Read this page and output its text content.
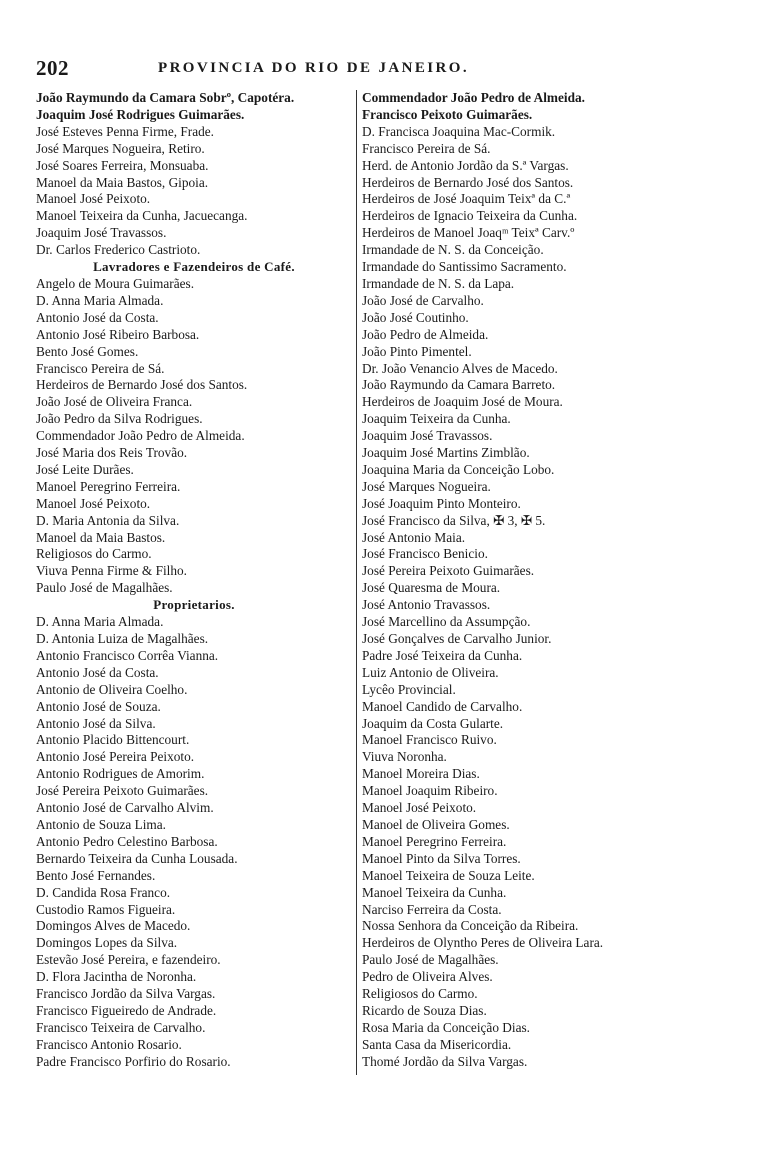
202	PROVINCIA DO RIO DE JANEIRO.
João Raymundo da Camara Sobrº, Capotéra.
Joaquim José Rodrigues Guimarães.
José Esteves Penna Firme, Frade.
José Marques Nogueira, Retiro.
José Soares Ferreira, Monsuaba.
Manoel da Maia Bastos, Gipoia.
Manoel José Peixoto.
Manoel Teixeira da Cunha, Jacuecanga.
Joaquim José Travassos.
Dr. Carlos Frederico Castrioto.
Lavradores e Fazendeiros de Café.
Angelo de Moura Guimarães.
D. Anna Maria Almada.
Antonio José da Costa.
Antonio José Ribeiro Barbosa.
Bento José Gomes.
Francisco Pereira de Sá.
Herdeiros de Bernardo José dos Santos.
João José de Oliveira Franca.
João Pedro da Silva Rodrigues.
Commendador João Pedro de Almeida.
José Maria dos Reis Trovão.
José Leite Durães.
Manoel Peregrino Ferreira.
Manoel José Peixoto.
D. Maria Antonia da Silva.
Manoel da Maia Bastos.
Religiosos do Carmo.
Viuva Penna Firme & Filho.
Paulo José de Magalhães.
Proprietarios.
D. Anna Maria Almada.
D. Antonia Luiza de Magalhães.
Antonio Francisco Corrêa Vianna.
Antonio José da Costa.
Antonio de Oliveira Coelho.
Antonio José de Souza.
Antonio José da Silva.
Antonio Placido Bittencourt.
Antonio José Pereira Peixoto.
Antonio Rodrigues de Amorim.
José Pereira Peixoto Guimarães.
Antonio José de Carvalho Alvim.
Antonio de Souza Lima.
Antonio Pedro Celestino Barbosa.
Bernardo Teixeira da Cunha Lousada.
Bento José Fernandes.
D. Candida Rosa Franco.
Custodio Ramos Figueira.
Domingos Alves de Macedo.
Domingos Lopes da Silva.
Estevão José Pereira, e fazendeiro.
D. Flora Jacintha de Noronha.
Francisco Jordão da Silva Vargas.
Francisco Figueiredo de Andrade.
Francisco Teixeira de Carvalho.
Francisco Antonio Rosario.
Padre Francisco Porfirio do Rosario.
Commendador João Pedro de Almeida.
Francisco Peixoto Guimarães.
D. Francisca Joaquina Mac-Cormik.
Francisco Pereira de Sá.
Herd. de Antonio Jordão da S.ª Vargas.
Herdeiros de Bernardo José dos Santos.
Herdeiros de José Joaquim Teixª da C.ª
Herdeiros de Ignacio Teixeira da Cunha.
Herdeiros de Manoel Joaqᵐ Teixª Carv.º
Irmandade de N. S. da Conceição.
Irmandade do Santissimo Sacramento.
Irmandade de N. S. da Lapa.
João José de Carvalho.
João José Coutinho.
João Pedro de Almeida.
João Pinto Pimentel.
Dr. João Venancio Alves de Macedo.
João Raymundo da Camara Barreto.
Herdeiros de Joaquim José de Moura.
Joaquim Teixeira da Cunha.
Joaquim José Travassos.
Joaquim José Martins Zimblão.
Joaquina Maria da Conceição Lobo.
José Marques Nogueira.
José Joaquim Pinto Monteiro.
José Francisco da Silva, ✠ 3, ✠ 5.
José Antonio Maia.
José Francisco Benicio.
José Pereira Peixoto Guimarães.
José Quaresma de Moura.
José Antonio Travassos.
José Marcellino da Assumpção.
José Gonçalves de Carvalho Junior.
Padre José Teixeira da Cunha.
Luiz Antonio de Oliveira.
Lycêo Provincial.
Manoel Candido de Carvalho.
Joaquim da Costa Gularte.
Manoel Francisco Ruivo.
Viuva Noronha.
Manoel Moreira Dias.
Manoel Joaquim Ribeiro.
Manoel José Peixoto.
Manoel de Oliveira Gomes.
Manoel Peregrino Ferreira.
Manoel Pinto da Silva Torres.
Manoel Teixeira de Souza Leite.
Manoel Teixeira da Cunha.
Narciso Ferreira da Costa.
Nossa Senhora da Conceição da Ribeira.
Herdeiros de Olyntho Peres de Oliveira Lara.
Paulo José de Magalhães.
Pedro de Oliveira Alves.
Religiosos do Carmo.
Ricardo de Souza Dias.
Rosa Maria da Conceição Dias.
Santa Casa da Misericordia.
Thomé Jordão da Silva Vargas.
